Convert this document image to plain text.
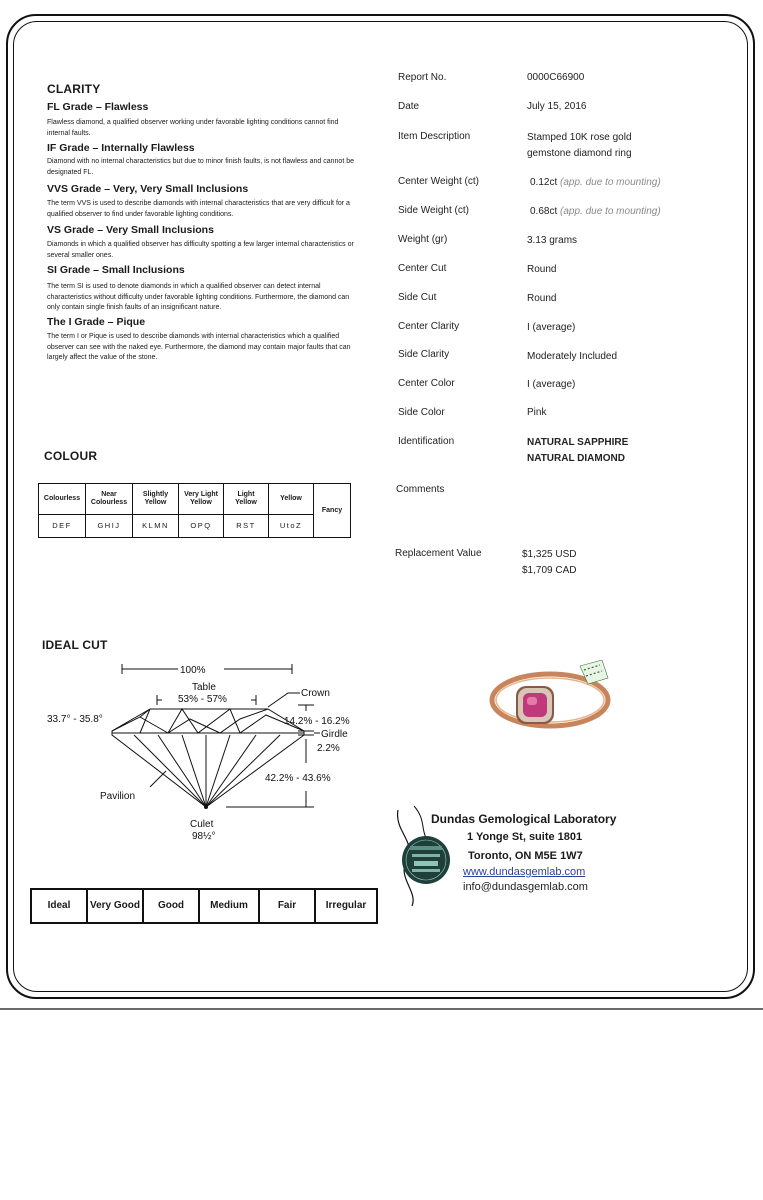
CLARITY
FL Grade – Flawless
Flawless diamond, a qualified observer working under favorable lighting conditions cannot find internal faults.
IF Grade – Internally Flawless
Diamond with no internal characteristics but due to minor finish faults, is not flawless and cannot be designated FL.
VVS Grade – Very, Very Small Inclusions
The term VVS is used to describe diamonds with internal characteristics that are very difficult for a qualified observer to find under favorable lighting conditions.
VS Grade – Very Small Inclusions
Diamonds in which a qualified observer has difficulty spotting a few larger internal characteristics or several smaller ones.
SI Grade – Small Inclusions
The term SI is used to denote diamonds in which a qualified observer can detect internal characteristics without difficulty under favorable lighting conditions. Furthermore, the diamond can only contain single finish faults of an insignificant nature.
The I Grade – Pique
The term I or Pique is used to describe diamonds with internal characteristics which a qualified observer can see with the naked eye. Furthermore, the diamond may contain major faults that can largely affect the value of the stone.
COLOUR
Colourless	Near Colourless	Slightly Yellow	Very Light Yellow	Light Yellow	Yellow	Fancy
DEF	GHIJ	KLMN	OPQ	RST	UtoZ	
IDEAL CUT
100%
Table
53% - 57%
Crown
33.7° - 35.8°	14.2% - 16.2%
Girdle
2.2%
42.2% - 43.6%
Pavilion
Culet
98½°
Ideal	Very Good	Good	Medium	Fair	Irregular
Report No.	0000C66900
Date	July 15, 2016
Item Description	Stamped 10K rose gold
gemstone diamond ring
Center Weight (ct)	0.12ct (app. due to mounting)
Side Weight (ct)	0.68ct (app. due to mounting)
Weight (gr)	3.13 grams
Center Cut	Round
Side Cut	Round
Center Clarity	I (average)
Side Clarity	Moderately Included
Center Color	I (average)
Side Color	Pink
Identification	NATURAL SAPPHIRE
NATURAL DIAMOND
Comments
Replacement Value	$1,325 USD
$1,709 CAD
Dundas Gemological Laboratory
1 Yonge St, suite 1801
Toronto, ON M5E 1W7
www.dundasgemlab.com
info@dundasgemlab.com
